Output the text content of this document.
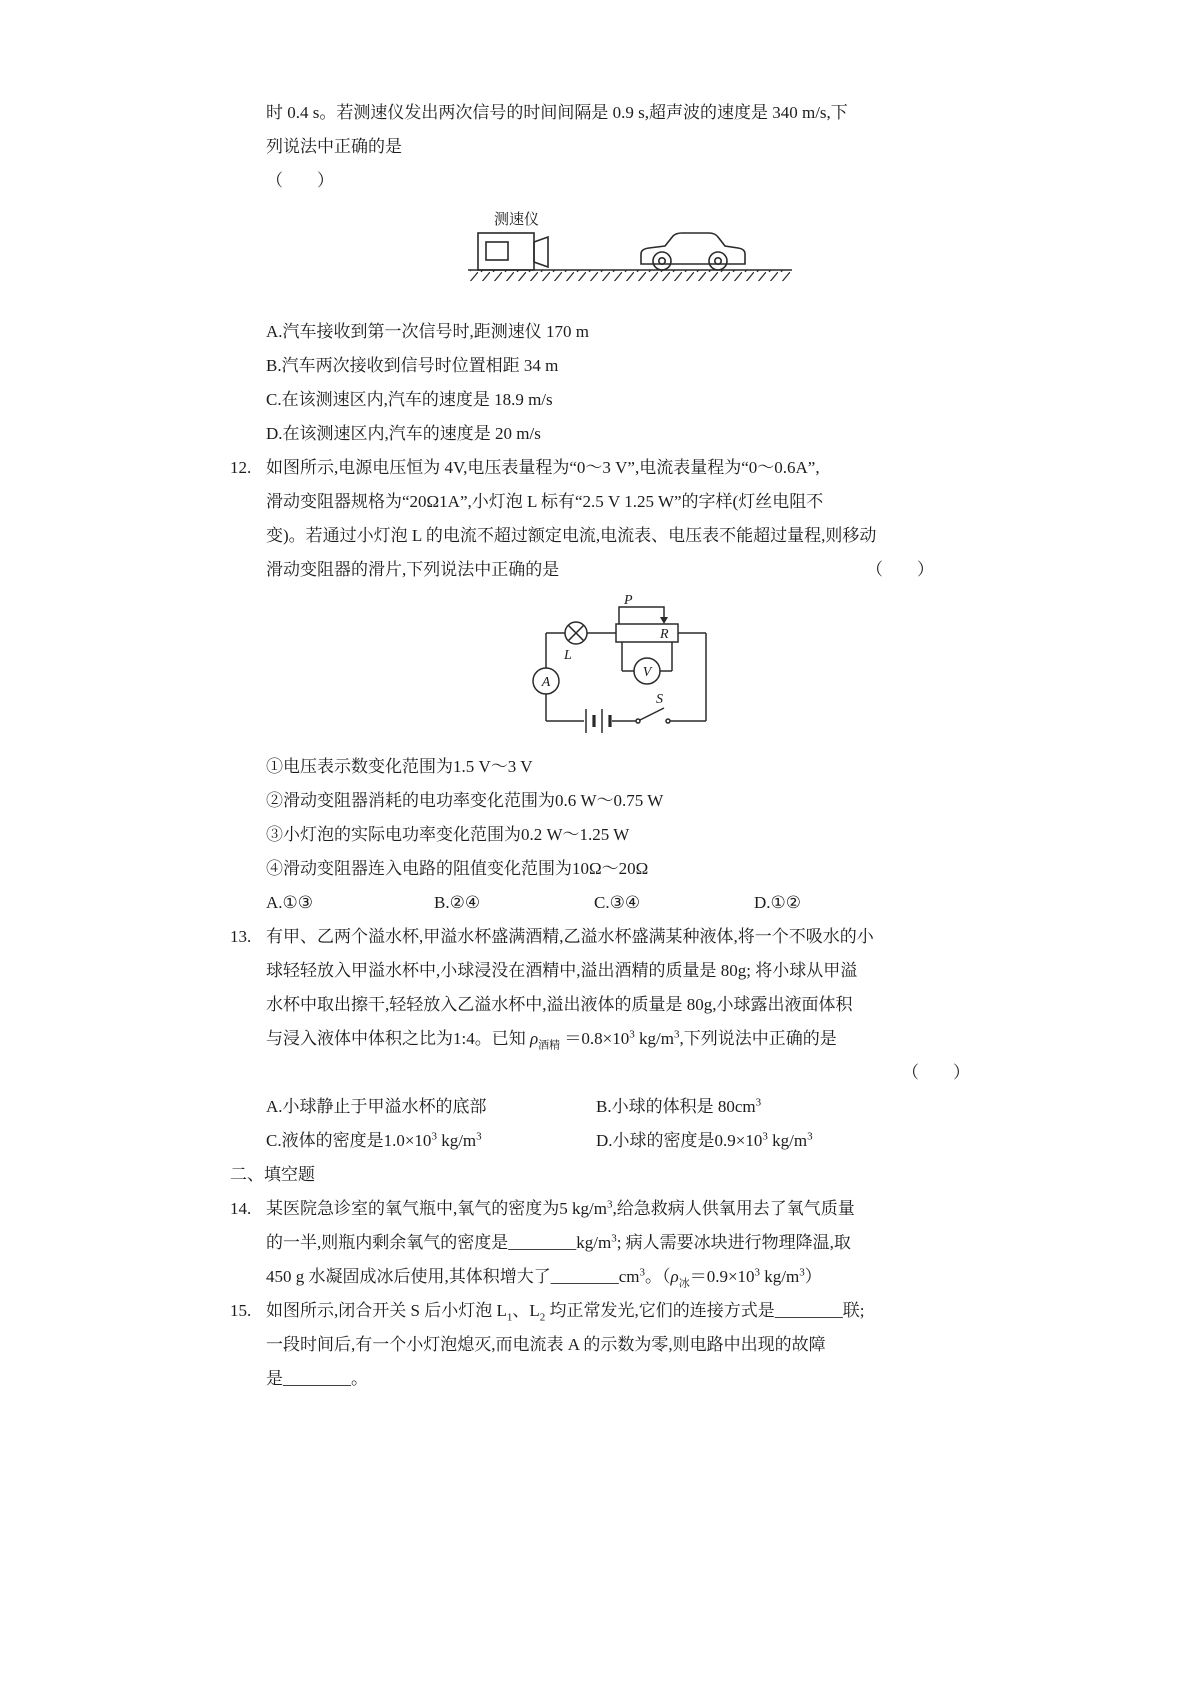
时 0.4 s。若测速仪发出两次信号的时间间隔是 0.9 s,超声波的速度是 340 m/s,下
列说法中正确的是
（　　）
测速仪
A.汽车接收到第一次信号时,距测速仪 170 m
B.汽车两次接收到信号时位置相距 34 m
C.在该测速区内,汽车的速度是 18.9 m/s
D.在该测速区内,汽车的速度是 20 m/s
12. 如图所示,电源电压恒为 4V,电压表量程为“0～3 V”,电流表量程为“0～0.6A”,
滑动变阻器规格为“20Ω1A”,小灯泡 L 标有“2.5 V 1.25 W”的字样(灯丝电阻不
变)。若通过小灯泡 L 的电流不超过额定电流,电流表、电压表不能超过量程,则移动
滑动变阻器的滑片,下列说法中正确的是	（　　）
P
R
L
A
V
S
①电压表示数变化范围为1.5 V～3 V
②滑动变阻器消耗的电功率变化范围为0.6 W～0.75 W
③小灯泡的实际电功率变化范围为0.2 W～1.25 W
④滑动变阻器连入电路的阻值变化范围为10Ω～20Ω
A.①③	B.②④	C.③④	D.①②
13. 有甲、乙两个溢水杯,甲溢水杯盛满酒精,乙溢水杯盛满某种液体,将一个不吸水的小
球轻轻放入甲溢水杯中,小球浸没在酒精中,溢出酒精的质量是 80g; 将小球从甲溢
水杯中取出擦干,轻轻放入乙溢水杯中,溢出液体的质量是 80g,小球露出液面体积
与浸入液体中体积之比为1:4。已知 $\rho_{酒精} =0.8\times 10^3$ $kg/m^3$,下列说法中正确的是
（　　）
A.小球静止于甲溢水杯的底部	B.小球的体积是 $80cm^3$
C.液体的密度是$1.0\times 10^3$ $kg/m^3$	D.小球的密度是$0.9\times 10^3$ $kg/m^3$
二、填空题
14. 某医院急诊室的氧气瓶中,氧气的密度为5 $kg/m^3$,给急救病人供氧用去了氧气质量
的一半,则瓶内剩余氧气的密度是$\_\_\_\_\_\_\_\_kg/m^3$; 病人需要冰块进行物理降温,取
450 g 水凝固成冰后使用,其体积增大了$\_\_\_\_\_\_\_\_cm^3$。（$\rho_冰=0.9\times 10^3$ $kg/m^3$）
15. 如图所示,闭合开关 S 后小灯泡 $L_1$、$L_2$ 均正常发光,它们的连接方式是________联;
一段时间后,有一个小灯泡熄灭,而电流表 A 的示数为零,则电路中出现的故障
是________。
